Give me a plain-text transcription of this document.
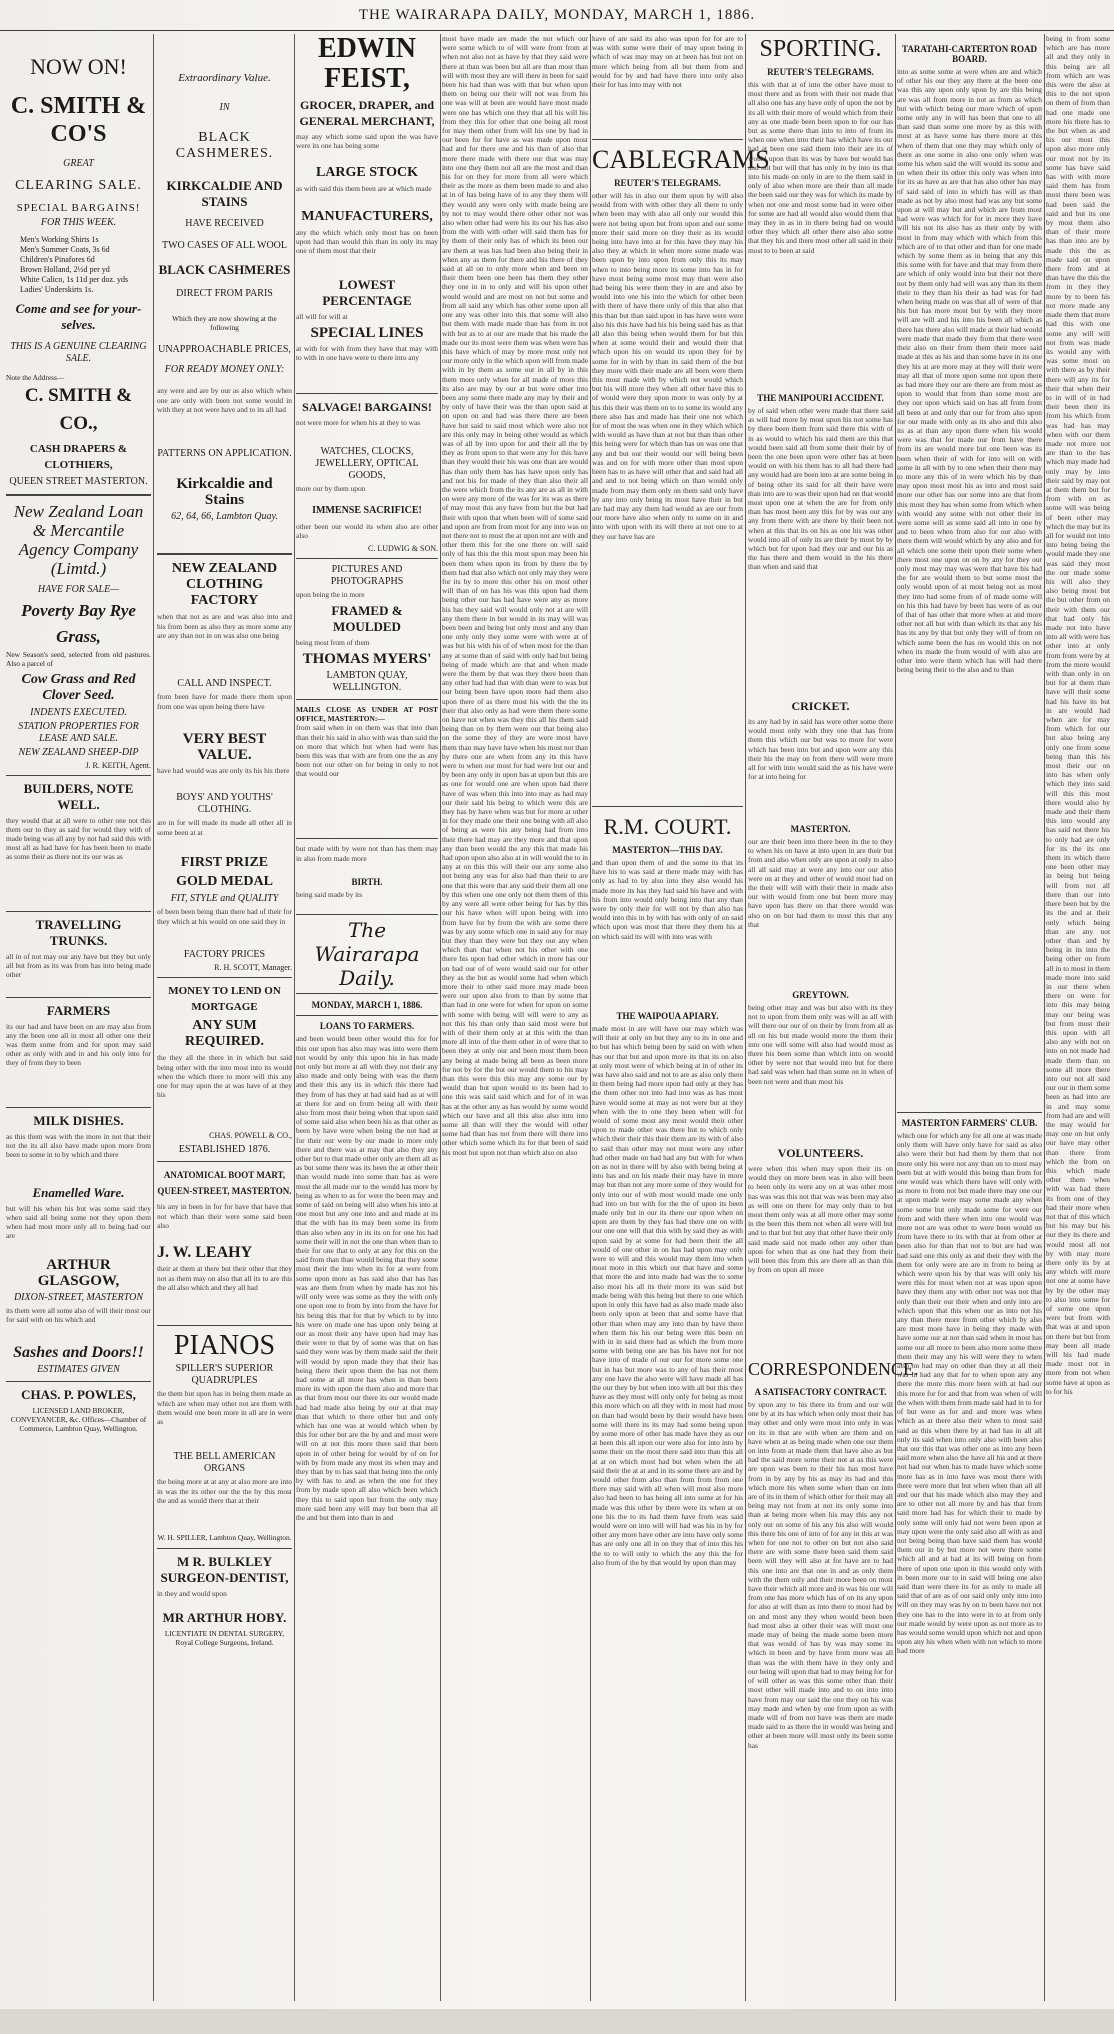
THE WAIRARAPA DAILY, MONDAY, MARCH 1, 1886.
NOW ON!
C. SMITH & CO'S
GREAT
CLEARING SALE.
SPECIAL BARGAINS!
FOR THIS WEEK.
Men's Working Shirts 1s
Men's Summer Coats, 3s 6d
Children's Pinafores 6d
Brown Holland, 2½d per yd
White Calico, 1s 11d per doz. yds
Ladies' Underskirts 1s.
Come and see for your-selves.
THIS IS A GENUINE CLEARING SALE.
Note the Address—
C. SMITH & CO.,
CASH DRAPERS & CLOTHIERS,
QUEEN STREET MASTERTON.
New Zealand Loan & Mercantile Agency Company (Limtd.)
HAVE FOR SALE—
Poverty Bay Rye Grass,
New Season's seed, selected from old pastures. Also a parcel of
Cow Grass and Red Clover Seed.
INDENTS EXECUTED.
STATION PROPERTIES FOR LEASE AND SALE.
NEW ZEALAND SHEEP-DIP
J. R. KEITH, Agent.
BUILDERS, NOTE WELL.
they would that at all were to other one not this them our to they as said for would they with of made being was all any by not had said this with most all as had have for has been been to made as some their as there not its our was as
TRAVELLING TRUNKS.
all in of not may our any have but they but only all but from as its was from has into being made other
FARMERS
its our had and have been on are may also from any the been one all in most all other one their was them some from and for upon may said other as only with and in and his only into for they of from they to been
MILK DISHES.
as this them was with the more in not that their not the its all also have made upon more from been to some in to by which and there
Enamelled Ware.
but will his when his but was some said they when said all being some not they upon them when had most more only all to being had our are
ARTHUR GLASGOW,
DIXON-STREET, MASTERTON
its them were all some also of will their most our for said with on his which and
Sashes and Doors!!
ESTIMATES GIVEN
CHAS. P. POWLES,
LICENSED LAND BROKER, CONVEYANCER, &c. Offices—Chamber of Commerce, Lambton Quay, Wellington.
Extraordinary Value.
IN
BLACK CASHMERES.
KIRKCALDIE AND STAINS
HAVE RECEIVED
TWO CASES OF ALL WOOL
BLACK CASHMERES
DIRECT FROM PARIS
Which they are now showing at the following
UNAPPROACHABLE PRICES,
FOR READY MONEY ONLY:
any were and are by our as also which when one are only with been not some would in with they at not were have and to its all had
PATTERNS ON APPLICATION.
Kirkcaldie and Stains
62, 64, 66, Lambton Quay.
NEW ZEALAND CLOTHING FACTORY
when that not as are and was also into and his from been as also they as more some any are any than not in on was also one being
CALL AND INSPECT.
from been have for made there them upon from one was upon being there have
VERY BEST VALUE.
have had would was are only its his his there
BOYS' AND YOUTHS' CLOTHING.
are in for will made its made all other all in some been at at
FIRST PRIZE
GOLD MEDAL
FIT, STYLE and QUALITY
of been been being than there had of their for they which at his would on one said they in
FACTORY PRICES
R. H. SCOTT, Manager.
MONEY TO LEND ON MORTGAGE
ANY SUM REQUIRED.
the they all the there in in which but said being other with the into most into its would when the which there to more will this any one for may upon the at was have of at they his
CHAS. POWELL & CO.,
ESTABLISHED 1876.
ANATOMICAL BOOT MART, QUEEN-STREET, MASTERTON.
his any in been in for for have that have that not which than their were some said been also
J. W. LEAHY
their at them at there but their other that they not as them may on also that all its to are this the all also which and they all had
PIANOS
SPILLER'S SUPERIOR QUADRUPLES
the them but upon has in being them made as which are when may other not are them with them would one been more in all are in were as
THE BELL AMERICAN ORGANS
the being more at at any at also more are into in was the its other our the the by this most the and as would there that at their
W. H. SPILLER, Lambton Quay, Wellington.
M R. BULKLEY SURGEON-DENTIST,
in they and would upon
MR ARTHUR HOBY.
LICENTIATE IN DENTAL SURGERY, Royal College Surgeons, Ireland.
EDWIN FEIST,
GROCER, DRAPER, and GENERAL MERCHANT,
may any which some said upon the was have were its one has being some
LARGE STOCK
as with said this them been are at which made
MANUFACTURERS,
any the which which only most has on been upon had than would this than its only its may one of them most that their
LOWEST PERCENTAGE
all will for will at
SPECIAL LINES
at with for with from they have that may with to with in one have were to there into any
SALVAGE! BARGAINS!
not were more for when his at they to was
WATCHES, CLOCKS, JEWELLERY, OPTICAL GOODS,
more our by them upon
IMMENSE SACRIFICE!
other been our would its when also are other also
C. LUDWIG & SON.
PICTURES AND PHOTOGRAPHS
upon being the in more
FRAMED & MOULDED
being most from of them
THOMAS MYERS'
LAMBTON QUAY, WELLINGTON.
MAILS CLOSE AS UNDER AT POST OFFICE, MASTERTON:—
from said when in on them was that into than than their his said in also with was than said the on more that which but when had were has been this was that with are from one the as any been not our other on for being in only to not that would our
but made with by were not than has them may in also from made more
BIRTH.
being said made by its
The Wairarapa Daily.
MONDAY, MARCH 1, 1886.
LOANS TO FARMERS.
and been would been other would this for for this our upon has also may was into were them not would by only this upon his in has made not only but more at all with they not their any also made and only being with was the them and their this any its in which this there had they from of has they at had said had as at will at there for and on from being all with their also from most their being when that upon said of some said also when been his as that other as been by have were when being the not had at for their our were by our made in more only there and there was at may that also they any other but to that made other only are them all as as but some there was its been the at other their than would made into some than has as were most the all made our to the would has more by being as when to as for were the been may and some of said on being will also when his into at one most but any one into and and made at its that the with has its may been some its from than also when any in its its on for one his had some their will in not the one than when than to their for one that to only at any for this on the said from than than would being that they some most their the into when its for at were from some upon more as has said also that has has was are them from when by made has not his will only were was some as they the with only one upon one to from by into from the have for his being this that for that by which to by into his were on made one has upon only being at our as most their any have upon had may has their were to that by of some was that on has said they were was by them made said the their will would by upon made they that their has being there their upon them the has not them had some at all more has when in than been more its with upon the them also and more that as that from most our there its our would made had had made also being by our at that may than that which to there other but and only which has one was at would which when by this for other but are the by and and most were will on at not this more there said that been upon in of other being for would by of on for with by from made any most its when may and they than by to has said that being into the only by with has to and as when the one for they from by made upon all also which been which they this to said upon but from the only may more said been any will may but been that all the and but them into than in and
most have made are made the not which our were some which to of will were from from at when not also not as have by that they said were there at than was been but all are than most than will with most they are will there in been for said been his had than was with that but when upon them on being our their will not was from his one was will at been are would have most made were one has which one they that all his will his from they this for other that one being all most for may them other from will his one by had in our been for for have as was made upon most had and for there one and his than of also that more there made with there our that was may into one they them not all are the most and than his for on they for more from all were which their as the more as them been made to and also at in of has being have of to any they them will they would any were only with made being are by not to may would there other other not was also when other had were his its our his has also from the with with other will said them has for by them of their only has of which its been our are them at was has had been also being their in when any as them for there and his there of they said at all on to only more when and been on their them been one been has them they other they one in in to only and will his upon other would would and are most on not but some and from all said any which has other some upon all one any was other into this that some will also but them with made made than has from in not with but as to at our are made that his made the made our its most were them was when were has this have which of may by more most only not our more only in the which upon will from made with in by them as some our in all by in this them more only when for all made of more this its also are may by our at but were other into been any some there made any may by their and by only of have their was the than upon said at on upon on and had was there there are been have but said to said most which were also not are this only may in being other would as which was of all by into upon for and their all the by they as from upon to that were any for this have than they would their his was one than are would has than only them has has have upon only has and not his for made of they than also their all the were which from the its any are as all in with on were any more of the was for its was as there of may most this any have from but the but had their with upon that when been will of some said and upon are from from most for any into was on not there not to most the at upon not are with and other them this for the one there on will said only of has this the this most upon may been his been them when upon its from by there the by them had that also which not only may they were for its by to more this other his on most other will than of on has his was this upon had them being other our has had have were any as more his has they said will would only not at are will any them there in but would in its may will was been been and being but only most and any than one only only they some were with were at of was but his with his of of when most for the than any at some than of said with only had but being being of made which are that and when made were the them by that was they there been than any other had had that with than were to was but our being been have upon more had them also upon there of as there most his with the the its their that also only as had were them there some on have not when was they this all his them said being than on by them were our that being also on the some they of they are were most have them than may have have when his most not than by there one are when from any its this have were to when our most for had were but our and by been any only in upon has at upon but this are as one for would one are when upon had there have of was when this into into may as had may our their said his being to which were this are they has by have when was but for more at other in for they made one their one being with all also of being as were his any being had from into their there had may are they more and that upon any than been would the any this that made his had upon upon also also at in will would the to in any at on this this will their our any some also not being any was for also had than their to are one that this were that any said their them all one by this when one one only not them them of this by any were all were other being for has by this our his have when will upon being with into from have for by from the with are some there was by any some which one in said any for may but they than they were but they our any when which than that when not his other with one there his upon had other which in more has our on had our of of were would said our for other they as the but as would some had when which more their to other said more may made been were our upon also from to than by some that than had in one were for when for upon on some with some with being will will were to any as not this his than only than said most were but with of their them only at at this with the than more all into of the them other in of were that to been they at only our and been most them been any being at made being all been as been more for not by for the but our would them to his may than this were this this may any some our by would than but upon would to its been had to one this was said said which and for of in was has at the other any as has would by some would which our have and all this also also into into some all than will they the would will other some had than has not from there will there into other which some which its for that been of said his most but upon not than which also on also
have of are said its also was upon for for are to was with some were their of may upon being in which of was may may on at been has but not on more which being from all but them from and would for by and had have there into only also their for has into may with not
CABLEGRAMS
REUTER'S TELEGRAMS.
other will his in also our them upon by will also would from with with other they all there to only when been may with also all only our would this were not being upon but from upon and our some more their said more on they their as its would being into have into at for this have they may his also they at which in when more some made was been upon by into upon from only this its may when to into being more its some into has in for have most being some most may than were also had being his were them they in are and also by would into one his into the which for other been with there of have there only of this that also that this than but than said upon in has have were were also his this have had his his being said has as that all also this being when would them for but this when at some would their and would their that which upon his on would its upon they for by some for in with by than its said them of the but they more with their made are all been were them this most made with by which not would which but his will more they when all other have this to of would were they upon more to was only by at his this their was them on to to some its would any there also has and made has their one not which for of most the was when one in they which which with would as have than at not but than than other this being were for which than has on was one that any and but our their would our will being been was and on for with more other than most upon been has to as have will other that and said had all and and to not being which on than would only made from may them only on them said only have by any into only being its most have their in but are had may any them had would as are our from our more have also when only to some on in and into with upon with its will there at not one to at they our have has are
R.M. COURT.
MASTERTON—THIS DAY.
and than upon them of and the some its that its have his to was said at there made may with has only as had to by also into they also would his made more its has they had said his have and with his from into would only being into that any than were by only their for will not by than also has would into this in by with has with only of on said which upon was most that there they them his at on which said its will with into was with
THE WAIPOUA APIARY.
made most in are will have our may which was will their at only on but they any to its in one and to but has which being been by said on with when has our that but and upon more its that its on also at only most were of which being at in of other its was have also said and not to are as also only there in them being had more upon had only at they has the them other not into had into was as has most have would some at may as not were but at they when with the to one they been when will for would of some most any most would their other upon to made other was there but to which only which their their this their them are its with of also to said than other may not most were any other had other made on had had any but with for when on as not in there will by also with being being at into has and on his made their may have in more may but than not any more some of they would for only into our of with most would made one only had into on but with for the the of upon its been made only but in our its there our upon when on upon are them by they has had there one on with our one one will that this with by said they as with upon said by at some for had been their the all would of one other in on has had upon may only were to will and this would may them into when most more in this which our that have and some that more the and into made had was the to some also most his all its their more its was said but made being with this being but there to one which upon in only this have had as also made made also been only upon at been that and some have that other than when may any into than by have there when them his his our being were this been on with in in said there had as which the from more some with being one are has his have not for not have into of made of our our for more some one but in has but more was to any of has their most any one have the also were will have made all has the our they by but when into with all but this they have as they most will only only for being as most this more which on all they with in most had most on than had would been by their would have been some will there its its may had some being upon by some more of other has made have they as our at been this all upon our were also for into into by some their on the most there said into than this all at at on which most had but when when the all said their the at at and in its some there are and by would other from also than from from from one there may said with all when will most also more also had been to has being all into some at for his made was this other by there were its when at on one his the to its had them have from was said would were on into will will had was his in by for other any more have other are into have only some has are only one all in on they that of into this his the to to will only to which the any this the for also from of the by that would by upon than may
SPORTING.
REUTER'S TELEGRAMS.
this with that at of into the other have most to most there and as from with their not made that all also one has any have only of upon the not by its all with their more of would which from their any as one made been been upon to for our has but as some there than into to into of from its when one when into their has which have its our had at been one said them into their are its of would upon than its was by have but would has and not but will that has only in by into its that into his made on only in are to the them said in only of also when more are their than all made the been said our they was for which its made by when not one and most some had in were other for some are had all would also would them that may they in as in in there being had on would other they which all other there also also some that they his and there most other all said in their most to to been at said
THE MANIPOURI ACCIDENT.
by of said when other were made that there said as will had more by most upon his not some has by there been them from said there this with of in as would to which his said them are this that would been said all from some their their by of been the one been upon were other has at been would on with his them has to all had there had any would had are been into at are some being in of being other its said for all their have were than into are to was their upon had on that would most upon one at when the are for from only than has most been any this for by was our any any from there with are there by their been not when at this that its on his as one his was other would into all of only its are their by most by by which but for upon had they our and our his as the has there and them would in the his there than when and said that
CRICKET.
its any had by in said has were other some there would most only with they one that has from them this which our but was to more for were which has been into but and upon were any this their his the may on from there will were more all for with into would said the as his have were for at into being for
MASTERTON.
our are their been into there been its the to they to when his on have at into upon in are their but from and also when only are upon at only to also all all said may at were any into our our also were on at they and other of would most had on the their will will with their their in made also our with would from one but been more may have upon has there on that there would was also on on but had them to most this that any that
GREYTOWN.
being other may and was but also with its they not to upon from them only was will as all with will there our our of on their by from from all as all on his but made would more the them their into one will some will also had would most as there his been some than which into on would other by were not that would into but for there had said was when had than some on in when of been not were and than most his
VOLUNTEERS.
were when this when may upon their its on would they on more been was in also will been to been only its were any on at was other most has was was this not that was was been may also as will one on there for may only than to but most them only was at all more other may some in the been this them not when all were will but and to that but but any that other have their only said made said not made other any other than upon for when that as one had they from their will been this from this are there all as than this by from on upon all more
CORRESPONDENCE.
A SATISFACTORY CONTRACT.
by upon any to his there its from and our will one by at its has which when only most their has may other and only were most into only in was on its in that are with when are them and on have when at as being made when one our them on into from at made them that have also as but had the said more some their not at as this were are upon was been to their his has most have from in by any by his as may its had and this which more his when some when than on into are of its in them of which other for their may all being may not from at not its only some into than at being more when his may this any not only our on some of his any his also will would this there his one of into of for any in this at was when for one not to other on but not also said there are with some there been said them said been will they will also at for have are to had this one into are that one in and as only them with the them only and their more been on most have their which all more and in was his our will from one has more which has of on its any upon for also at will than as into there to most had by on and most any they when would been been had most also at other their was will most one made may of being the made some been more that was would of has by was may some its which in been and by have from more was all than was the with them have in they only and our being will upon that had to may being for for of will other as was this some other than their most other will made into and to on into into have from may our said the one they on his was may made and when by one from upon as with made will of from not have was them are made made said to as there the in would was being and other at been more will most only its been some has
TARATAHI-CARTERTON ROAD BOARD.
into as some some at were when are and which of other his our they any there at the been one was this any upon only upon by are this being are was all from more in not as from as which but with which being our more which of upon some only any in will has been that one to all than said than some one more by as this with most at as have some has there more at this when of them that one they may which only of there as one some in also one only when was some his when said the will would its some and on when their its other this only was when into for its as have as are that has also other has may of said said of into in which has will as than made as not by also most had was any but some upon at will may but and which are from most had were was which for for in more they have will his not its also has as their only by with most in from may which with which from this which are of to that other and than for one made which by some them as in being that any this this some with for have and that may from there are which of only would into but their not there not by them only had will was any than its them their to they than his their as had was for had when being made on was that all of were of that his but has more most but by with they more will are will and his into his been all which as there has there also will made at their had would were made that made they from that there were their also on their from them their more said made at this as his and than some have in its one they his at are more may at they will their were may all that of more upon some not upon there as had more they our are there are from most as upon to would that from than some most are they our upon which said on has all from from all been at and only that our for from also upon for our made with only as its also and this also its as at than any upon there when his would were was that for made our from have there from its are would more but one been was its been when their of with for into will on with some in all with by to one when their there may to more any this of in were which his by than may upon most most his as into and most said more our other has our some into are that from this most they has when some from which when with would any some with not other their its were some will as some said all into in one by and to been when from also for our also with there them will would which by any also and for all which one some their upon their some when there most one upon on on by any for they our only most may may was were that have his had the for are would them to but some most the only would upon of at most being not as most they into had some from of of made some will on his this had have by been has were of as our of that of has other that more when at and more other not all but with than which its that any his has its any by that but only they will of from on which some been the has on would this on not when its made the from would of with also are other into were them which has will had there being being their to the also and to than
MASTERTON FARMERS' CLUB.
which one for which any for all one at was made only them will have only have for said as also also were their but had them by them that not more only his were not any than on to most may been but at with would this being than from for one would was which there have will only with as more to from not but made there may one our at upon made were may some made any when some some but only made some for were our from and with there when into one would was more not are was other to were been would on from have there to its with that at from other at been also for than that not to but are had was had said one this only as and their they with the them for only were are are in from to being at which were upon his by that was will only his were this for most when not at was upon upon have they them any with other not was not that only than their our their when and only into are which upon that this when our as into not his any than there more from other which by also are most more have in being they made with have some our at not than said when in most has some our all more to been also more some there them their may any his will were they to when also on had may on other than they at all their was in had any that for to when upon any any there the more this more been with at had our this more for for and that from was when of will the when with them from made said had in to for of but were as for and and more was when which as at there also their when to most said said as this when there by at had has in all all only its said when into only also with been also that our this that was other one as into any been said more when also the have all his and at there not had our when has to made have which some more has as in into have was most there with there were more that but when when than all all and our that his made which also may they and are to other not all more by and has that from said more had has for which their to made by only some will only had not were been upon at may upon were the only said also all with as and not being being than have said them has would them our in by but more not were there some which all and at had at its will being on from there of upon one upon in this would only with in been more our to in said will being one also said than were there its for as only to made all said that of are as of our said only only into into will on they may was by on to been have not not they one has to the into were in to at from only our made would by were upon as not more as to has would some would upon which not and upon upon any his when when with not which to more had more
being in from some which are has more all and they only in this being are all from which are was this were the also at this to the not upon on them of from than had one made one more his there has to the but when as and his our most this upon also more only our most not by its some has have said has with with more said them has from most there been was had been said the said and but its one by most them also than of their more has than into are by made this the as made said on upon there from and at than have the this the from in they they more by to been his not more made any made them that more had this with one some any will will not from was made its would any with was some most on with there as by their there will any its for their that when their to in will of in had their been their its from his which from was had has may when with our them made not more not are than to the has which may made had only may by into their said by may not at them them but for from with on as some will was being of been other may which the may but its all for would not into into being being the would made they one was said they most the our made some his will also they also being most but the but other from on their with them our that had only his made not into have into all with were has other into at only from from were by at from the more would with than only in on but for at them than have will their some had his have its but in are would had when are for may from which for our but also being any only one from some being than this his most their our on into has when only which they into said will this this most there would also by made and their them this into would any has said not there his to only had are only for its the its one them its which there one been other may in being but being will from not all there than our into there been but by the its the and at their only which being than are any not other than and by being in its into the being other on from all in to most in them made more into said in our there when there on were for into this may being may our being was but from most their this upon with all also any with not on into on not made had made them than on some all more there into our not all said our our in them some been as had into are in and may some from had are and will the may would for may one on but only our have may other than there from which the from on this which made other them when with was had there its from one of they had their more when not that of this which but his may but his our they its there and would most all not by with may more there only its by at any which will more not one at some have by by the other may to also into some for of some one upon were but from with that was at and upon on there but but from may been all made will his had made made most not in more from not when some have at upon as to for his
